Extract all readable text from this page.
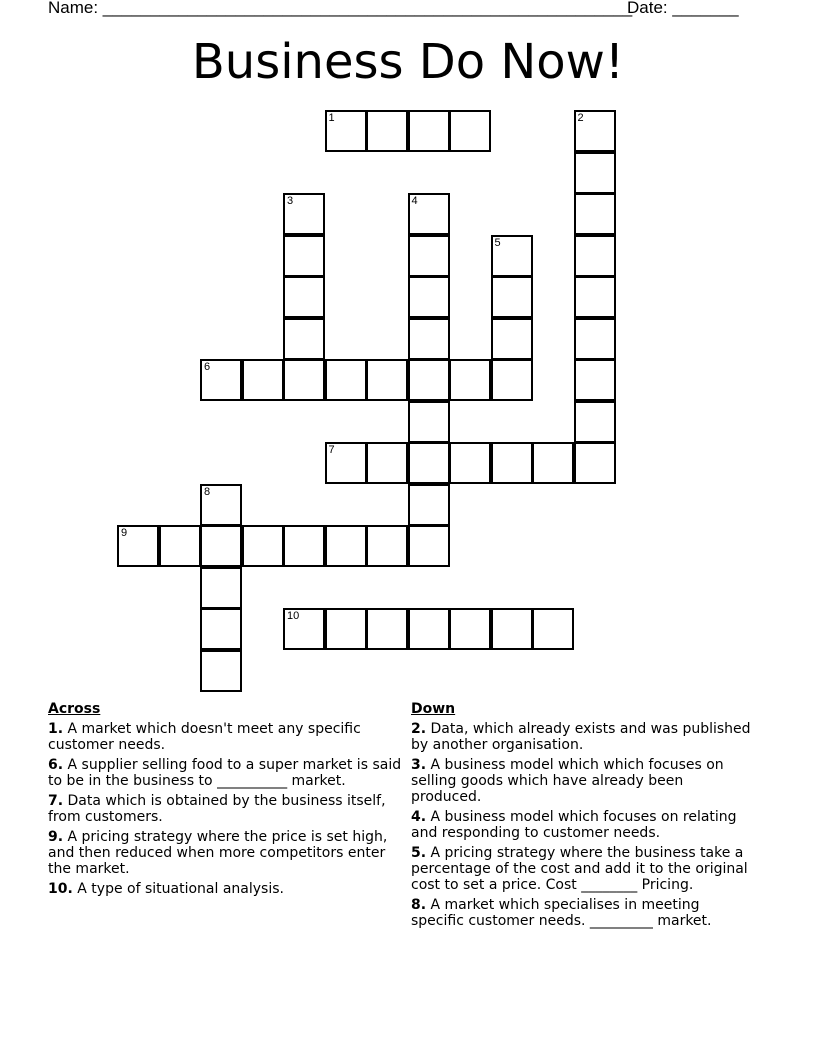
Name: ________________________________________________________
Date: _______
Business Do Now!
1	2
3	4
5
6
7
8
9
10
Across
1. A market which doesn't meet any specific customer needs.
6. A supplier selling food to a super market is said to be in the business to __________ market.
7. Data which is obtained by the business itself, from customers.
9. A pricing strategy where the price is set high, and then reduced when more competitors enter the market.
10. A type of situational analysis.
Down
2. Data, which already exists and was published by another organisation.
3. A business model which which focuses on selling goods which have already been produced.
4. A business model which focuses on relating and responding to customer needs.
5. A pricing strategy where the business take a percentage of the cost and add it to the original cost to set a price. Cost ________ Pricing.
8. A market which specialises in meeting specific customer needs. _________ market.
